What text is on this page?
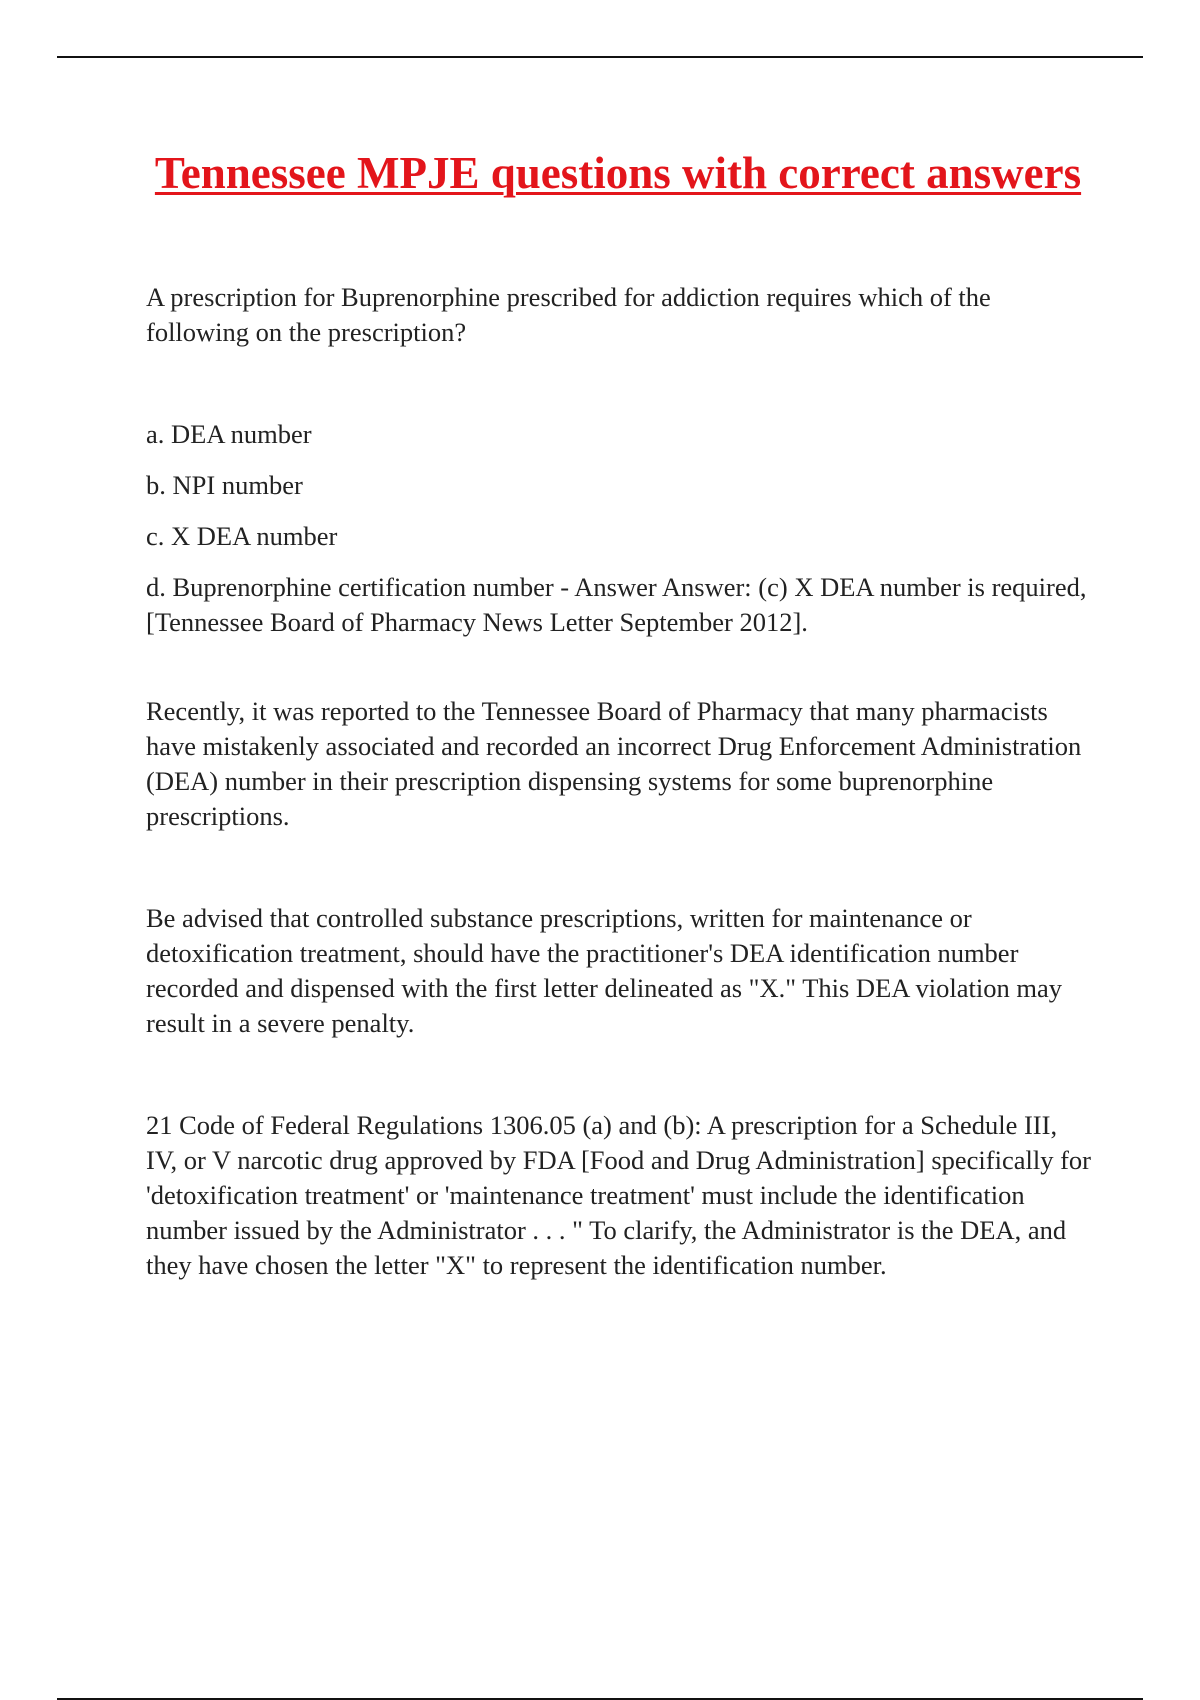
Tennessee MPJE questions with correct answers

A prescription for Buprenorphine prescribed for addiction requires which of the following on the prescription?

a. DEA number

b. NPI number

c. X DEA number

d. Buprenorphine certification number - Answer Answer: (c) X DEA number is required, [Tennessee Board of Pharmacy News Letter September 2012].

Recently, it was reported to the Tennessee Board of Pharmacy that many pharmacists have mistakenly associated and recorded an incorrect Drug Enforcement Administration (DEA) number in their prescription dispensing systems for some buprenorphine prescriptions.

Be advised that controlled substance prescriptions, written for maintenance or detoxification treatment, should have the practitioner's DEA identification number recorded and dispensed with the first letter delineated as "X." This DEA violation may result in a severe penalty.

21 Code of Federal Regulations 1306.05 (a) and (b): A prescription for a Schedule III, IV, or V narcotic drug approved by FDA [Food and Drug Administration] specifically for 'detoxification treatment' or 'maintenance treatment' must include the identification number issued by the Administrator . . . " To clarify, the Administrator is the DEA, and they have chosen the letter "X" to represent the identification number.
